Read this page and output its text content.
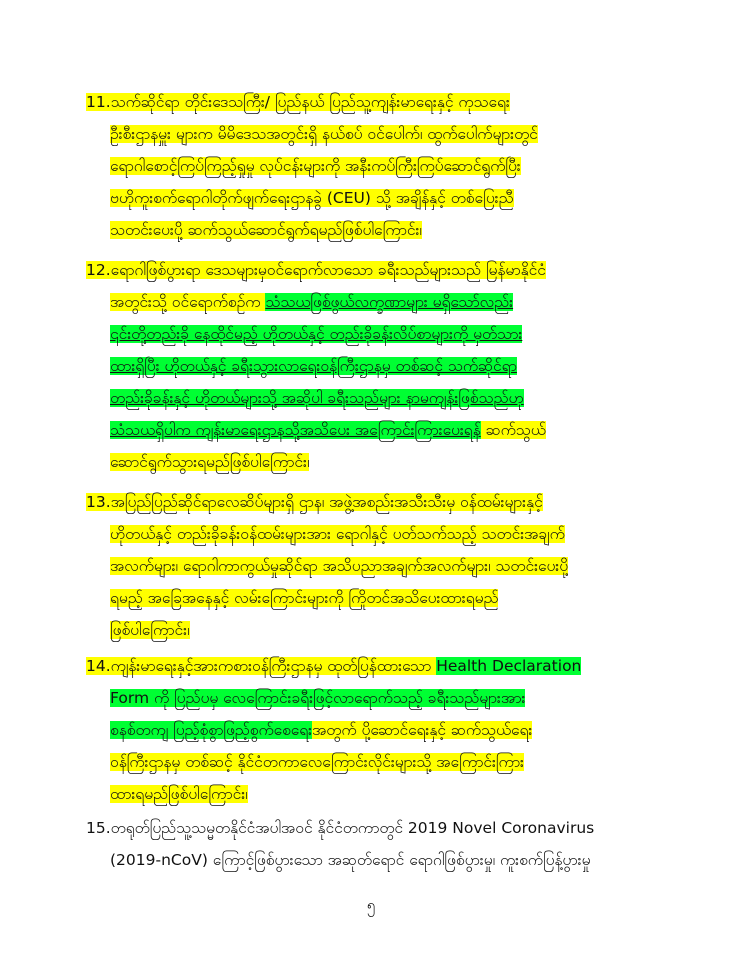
11.သက်ဆိုင်ရာ တိုင်းဒေသကြီး/ ပြည်နယ် ပြည်သူ့ကျန်းမာရေးနှင့် ကုသရေး
ဦးစီးဌာနမှူး များက မိမိဒေသအတွင်းရှိ နယ်စပ် ဝင်ပေါက်၊ ထွက်ပေါက်များတွင်
ရောဂါစောင့်ကြပ်ကြည့်ရှုမှု လုပ်ငန်းများကို အနီးကပ်ကြီးကြပ်ဆောင်ရွက်ပြီး
ဗဟိုကူးစက်ရောဂါတိုက်ဖျက်ရေးဌာနခွဲ (CEU) သို့ အချိန်နှင့် တစ်ပြေးညီ
သတင်းပေးပို့ ဆက်သွယ်ဆောင်ရွက်ရမည်ဖြစ်ပါကြောင်း၊
12.ရောဂါဖြစ်ပွားရာ ဒေသများမှဝင်ရောက်လာသော ခရီးသည်များသည် မြန်မာနိုင်ငံ
အတွင်းသို့ ဝင်ရောက်စဉ်က သံသယဖြစ်ဖွယ်လက္ခဏာများ မရှိသော်လည်း
၎င်းတို့တည်းခို နေထိုင်မည့် ဟိုတယ်နှင့် တည်းခိုခန်းလိပ်စာများကို မှတ်သား
ထားရှိပြီး ဟိုတယ်နှင့် ခရီးသွားလာရေးဝန်ကြီးဌာနမှ တစ်ဆင့် သက်ဆိုင်ရာ
တည်းခိုခန်းနှင့် ဟိုတယ်များသို့ အဆိုပါ ခရီးသည်များ နာမကျန်းဖြစ်သည်ဟု
သံသယရှိပါက ကျန်းမာရေးဌာနသို့အသိပေး အကြောင်းကြားပေးရန် ဆက်သွယ်
ဆောင်ရွက်သွားရမည်ဖြစ်ပါကြောင်း၊
13.အပြည်ပြည်ဆိုင်ရာလေဆိပ်များရှိ ဌာန၊ အဖွဲ့အစည်းအသီးသီးမှ ဝန်ထမ်းများနှင့်
ဟိုတယ်နှင့် တည်းခိုခန်းဝန်ထမ်းများအား ရောဂါနှင့် ပတ်သက်သည့် သတင်းအချက်
အလက်များ၊ ရောဂါကာကွယ်မှုဆိုင်ရာ အသိပညာအချက်အလက်များ၊ သတင်းပေးပို့
ရမည့် အခြေအနေနှင့် လမ်းကြောင်းများကို ကြိုတင်အသိပေးထားရမည်
ဖြစ်ပါကြောင်း၊
14.ကျန်းမာရေးနှင့်အားကစားဝန်ကြီးဌာနမှ ထုတ်ပြန်ထားသော Health Declaration
Form ကို ပြည်ပမှ လေကြောင်းခရီးဖြင့်လာရောက်သည့် ခရီးသည်များအား
စနစ်တကျ ပြည့်စုံစွာဖြည့်စွက်စေရေးအတွက် ပို့ဆောင်ရေးနှင့် ဆက်သွယ်ရေး
ဝန်ကြီးဌာနမှ တစ်ဆင့် နိုင်ငံတကာလေကြောင်းလိုင်းများသို့ အကြောင်းကြား
ထားရမည်ဖြစ်ပါကြောင်း၊
15.တရုတ်ပြည်သူ့သမ္မတနိုင်ငံအပါအဝင် နိုင်ငံတကာတွင် 2019 Novel Coronavirus
(2019-nCoV) ကြောင့်ဖြစ်ပွားသော အဆုတ်ရောင် ရောဂါဖြစ်ပွားမှု၊ ကူးစက်ပြန့်ပွားမှု
၅
